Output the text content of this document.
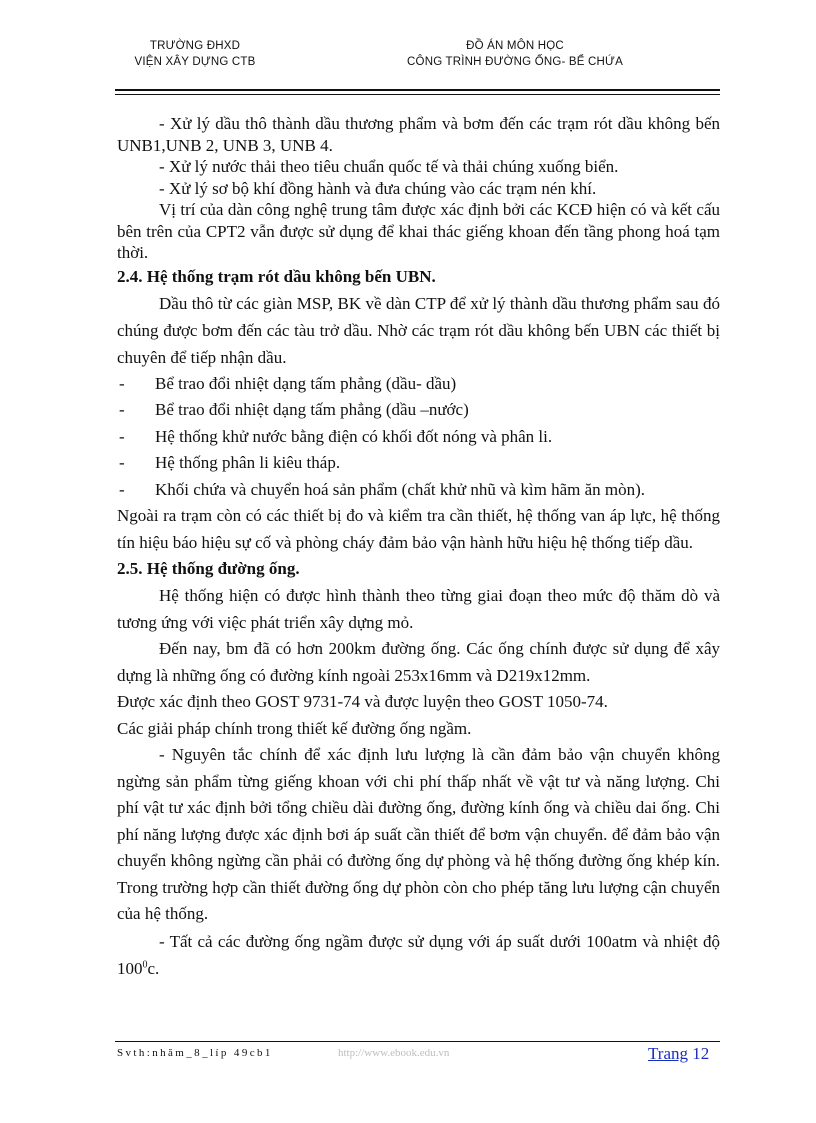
TRƯỜNG ĐHXD
VIỆN XÂY DỰNG CTB
ĐỒ ÁN MÔN HỌC
CÔNG TRÌNH ĐƯỜNG ỐNG- BỂ CHỨA

- Xử lý dầu thô thành dầu thương phẩm và bơm đến các trạm rót dầu không bến UNB1,UNB 2, UNB 3, UNB 4.

- Xử lý nước thải theo tiêu chuẩn quốc tế và thải chúng xuống biển.

- Xử lý sơ bộ khí đồng hành và đưa chúng vào các trạm nén khí.

Vị trí của dàn công nghệ trung tâm được xác định bởi các KCĐ hiện có và kết cấu bên trên của CPT2 vẫn được sử dụng để khai thác giếng khoan đến tầng phong hoá tạm thời.

2.4. Hệ thống trạm rót dầu không bến UBN.

Dầu thô từ các giàn MSP, BK về dàn CTP để xử lý thành dầu thương phẩm sau đó chúng được bơm đến các tàu trở dầu. Nhờ các trạm rót dầu không bến UBN các thiết bị chuyên để tiếp nhận dầu.

-	Bể trao đổi nhiệt dạng tấm phẳng (dầu- dầu)
-	Bể trao đổi nhiệt dạng tấm phẳng (dầu –nước)
-	Hệ thống khử nước bằng điện có khối đốt nóng và phân li.
-	Hệ thống phân li kiêu tháp.
-	Khối chứa và chuyển hoá sản phẩm (chất khử nhũ và kìm hãm ăn mòn).

Ngoài ra trạm còn có các thiết bị đo và kiểm tra cần thiết, hệ thống van áp lực, hệ thống tín hiệu báo hiệu sự cố và phòng cháy đảm bảo vận hành hữu hiệu hệ thống tiếp dầu.

2.5. Hệ thống đường ống.

Hệ thống hiện có được hình thành theo từng giai đoạn theo mức độ thăm dò và tương ứng với việc phát triển xây dựng mỏ.

Đến nay, bm đã có hơn 200km đường ống. Các ống chính được sử dụng để xây dựng là những ống có đường kính ngoài 253x16mm và D219x12mm.

Được xác định theo GOST 9731-74 và được luyện theo GOST 1050-74.

Các giải pháp chính trong thiết kế đường ống ngầm.

- Nguyên tắc chính để xác định lưu lượng là cần đảm bảo vận chuyển không ngừng sản phẩm từng giếng khoan với chi phí thấp nhất về vật tư và năng lượng. Chi phí vật tư xác định bởi tổng chiều dài đường ống, đường kính ống và chiều dai ống. Chi phí năng lượng được xác định bơi áp suất cần thiết để bơm vận chuyển. để đảm bảo vận chuyển không ngừng cần phải có đường ống dự phòng và hệ thống đường ống khép kín. Trong trường hợp cần thiết đường ống dự phòn còn cho phép tăng lưu lượng cận chuyển của hệ thống.

- Tất cả các đường ống ngầm được sử dụng với áp suất dưới 100atm và nhiệt độ $100^0c$.

Svth:nhăm_8_líp 49cb1	http://www.ebook.edu.vn	Trang 12
